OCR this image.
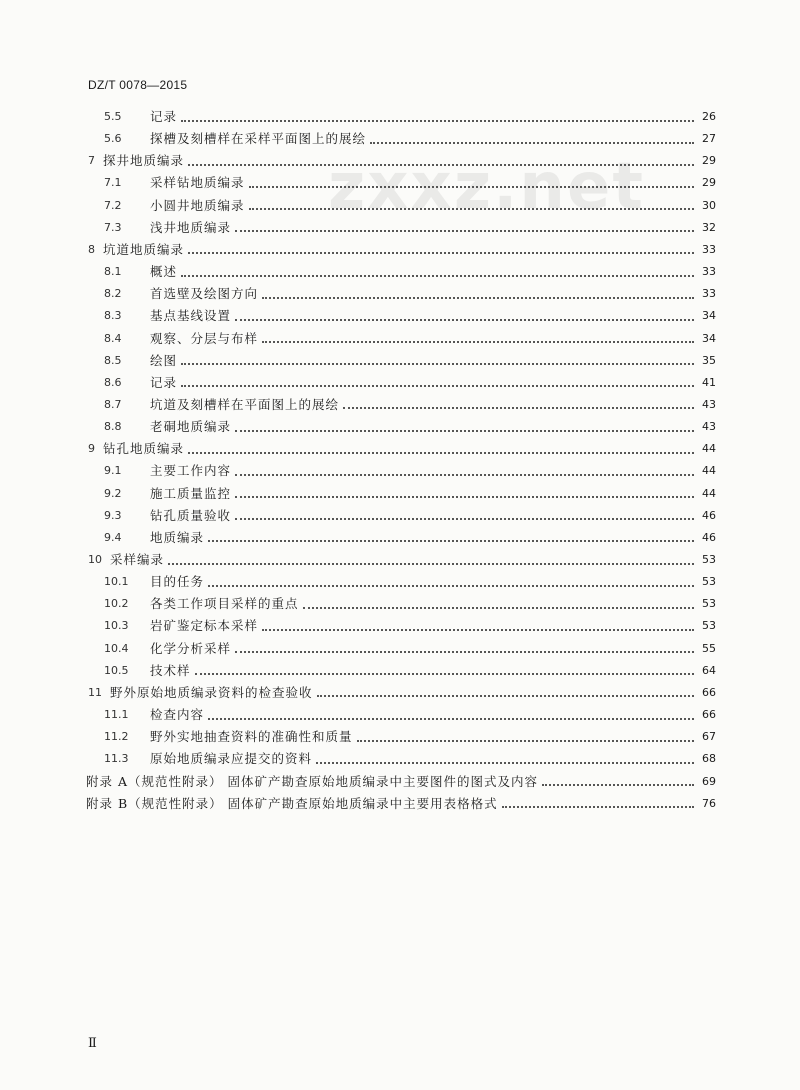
DZ/T 0078—2015
zxxz.net
5.5	记录	26
5.6	探槽及刻槽样在采样平面图上的展绘	27
7 探井地质编录	29
7.1	采样钻地质编录	29
7.2	小圆井地质编录	30
7.3	浅井地质编录	32
8 坑道地质编录	33
8.1	概述	33
8.2	首选壁及绘图方向	33
8.3	基点基线设置	34
8.4	观察、分层与布样	34
8.5	绘图	35
8.6	记录	41
8.7	坑道及刻槽样在平面图上的展绘	43
8.8	老硐地质编录	43
9 钻孔地质编录	44
9.1	主要工作内容	44
9.2	施工质量监控	44
9.3	钻孔质量验收	46
9.4	地质编录	46
10 采样编录	53
10.1	目的任务	53
10.2	各类工作项目采样的重点	53
10.3	岩矿鉴定标本采样	53
10.4	化学分析采样	55
10.5	技术样	64
11 野外原始地质编录资料的检查验收	66
11.1	检查内容	66
11.2	野外实地抽查资料的准确性和质量	67
11.3	原始地质编录应提交的资料	68
附录 A（规范性附录） 固体矿产勘查原始地质编录中主要图件的图式及内容	69
附录 B（规范性附录） 固体矿产勘查原始地质编录中主要用表格格式	76
Ⅱ
